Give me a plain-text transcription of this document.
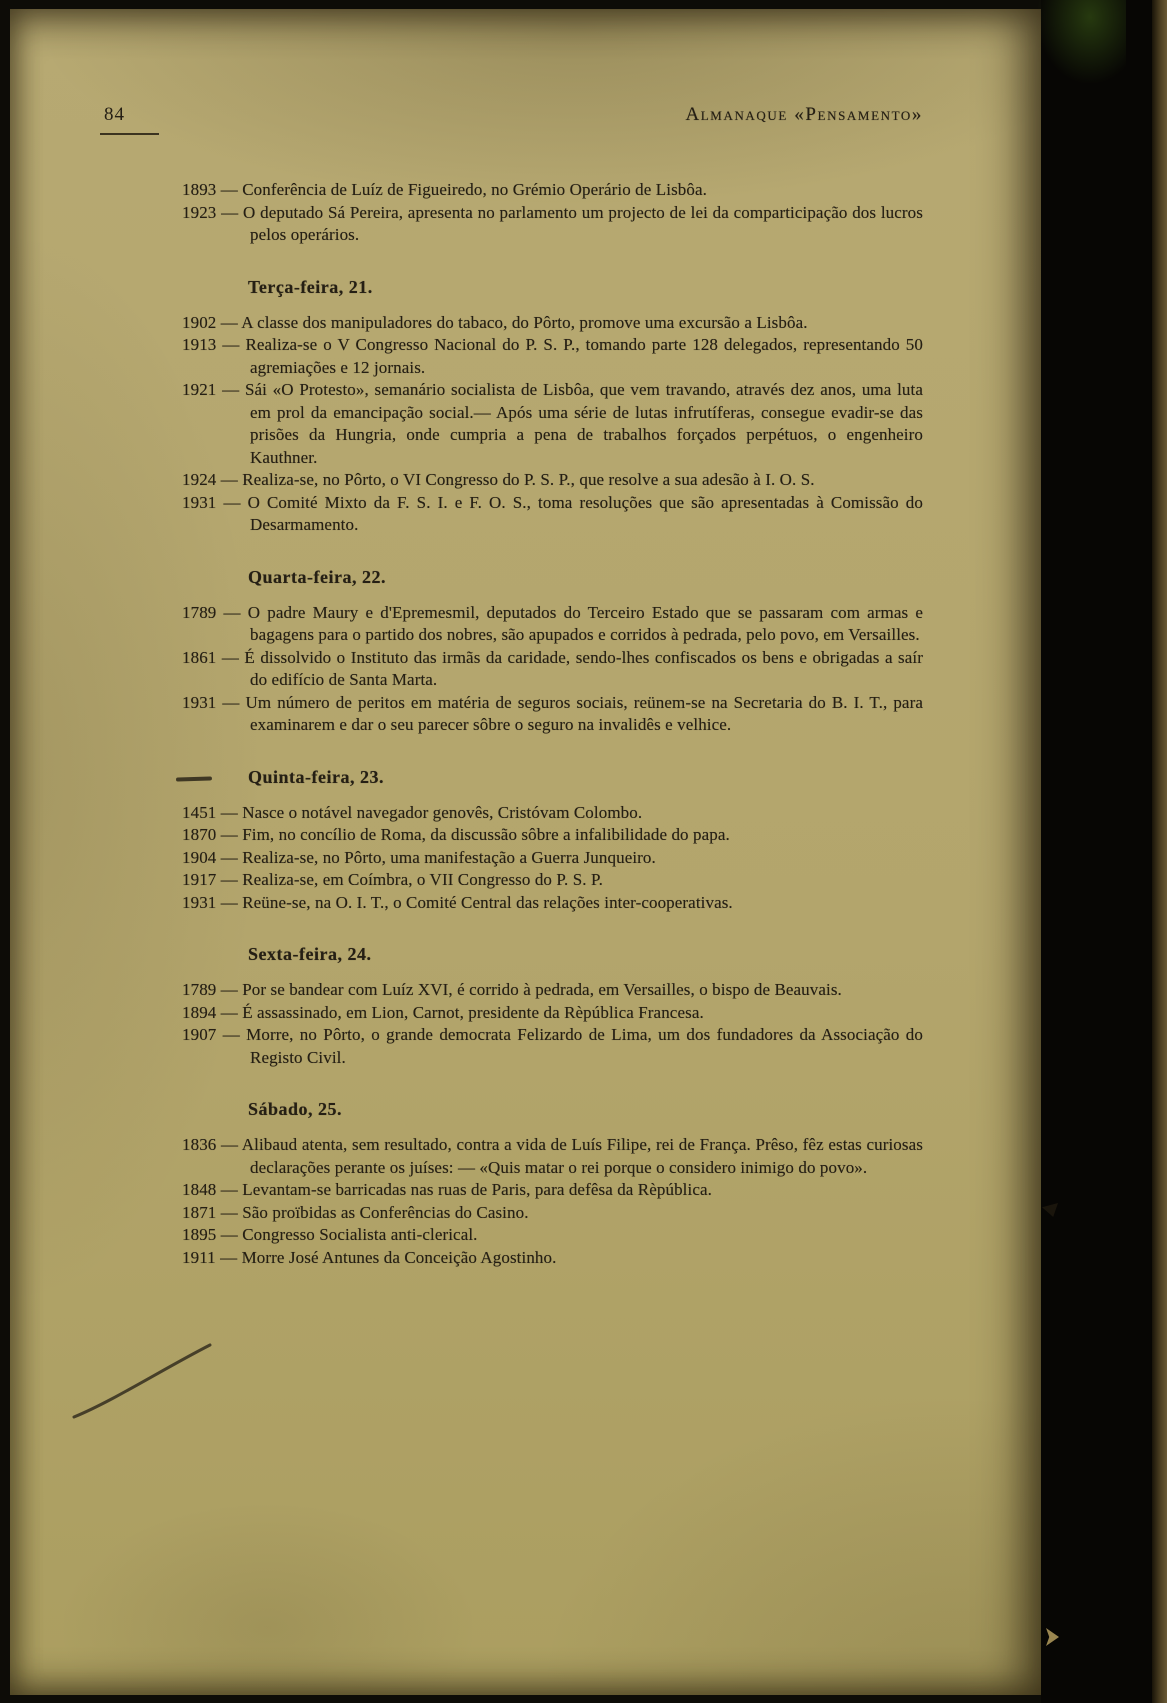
84	Almanaque «Pensamento»

1893 — Conferência de Luíz de Figueiredo, no Grémio Operário de Lisbôa.

1923 — O deputado Sá Pereira, apresenta no parlamento um projecto de lei da comparticipação dos lucros pelos operários.

Terça-feira, 21.

1902 — A classe dos manipuladores do tabaco, do Pôrto, promove uma excursão a Lisbôa.

1913 — Realiza-se o V Congresso Nacional do P. S. P., tomando parte 128 delegados, representando 50 agremiações e 12 jornais.

1921 — Sái «O Protesto», semanário socialista de Lisbôa, que vem travando, através dez anos, uma luta em prol da emancipação social.— Após uma série de lutas infrutíferas, consegue evadir-se das prisões da Hungria, onde cumpria a pena de trabalhos forçados perpétuos, o engenheiro Kauthner.

1924 — Realiza-se, no Pôrto, o VI Congresso do P. S. P., que resolve a sua adesão à I. O. S.

1931 — O Comité Mixto da F. S. I. e F. O. S., toma resoluções que são apresentadas à Comissão do Desarmamento.

Quarta-feira, 22.

1789 — O padre Maury e d'Epremesmil, deputados do Terceiro Estado que se passaram com armas e bagagens para o partido dos nobres, são apupados e corridos à pedrada, pelo povo, em Versailles.

1861 — É dissolvido o Instituto das irmãs da caridade, sendo-lhes confiscados os bens e obrigadas a saír do edifício de Santa Marta.

1931 — Um número de peritos em matéria de seguros sociais, reünem-se na Secretaria do B. I. T., para examinarem e dar o seu parecer sôbre o seguro na invalidês e velhice.

Quinta-feira, 23.

1451 — Nasce o notável navegador genovês, Cristóvam Colombo.

1870 — Fim, no concílio de Roma, da discussão sôbre a infalibilidade do papa.

1904 — Realiza-se, no Pôrto, uma manifestação a Guerra Junqueiro.

1917 — Realiza-se, em Coímbra, o VII Congresso do P. S. P.

1931 — Reüne-se, na O. I. T., o Comité Central das relações inter-cooperativas.

Sexta-feira, 24.

1789 — Por se bandear com Luíz XVI, é corrido à pedrada, em Versailles, o bispo de Beauvais.

1894 — É assassinado, em Lion, Carnot, presidente da Rèpública Francesa.

1907 — Morre, no Pôrto, o grande democrata Felizardo de Lima, um dos fundadores da Associação do Registo Civil.

Sábado, 25.

1836 — Alibaud atenta, sem resultado, contra a vida de Luís Filipe, rei de França. Prêso, fêz estas curiosas declarações perante os juíses: — «Quis matar o rei porque o considero inimigo do povo».

1848 — Levantam-se barricadas nas ruas de Paris, para defêsa da Rèpública.

1871 — São proïbidas as Conferências do Casino.

1895 — Congresso Socialista anti-clerical.

1911 — Morre José Antunes da Conceição Agostinho.
